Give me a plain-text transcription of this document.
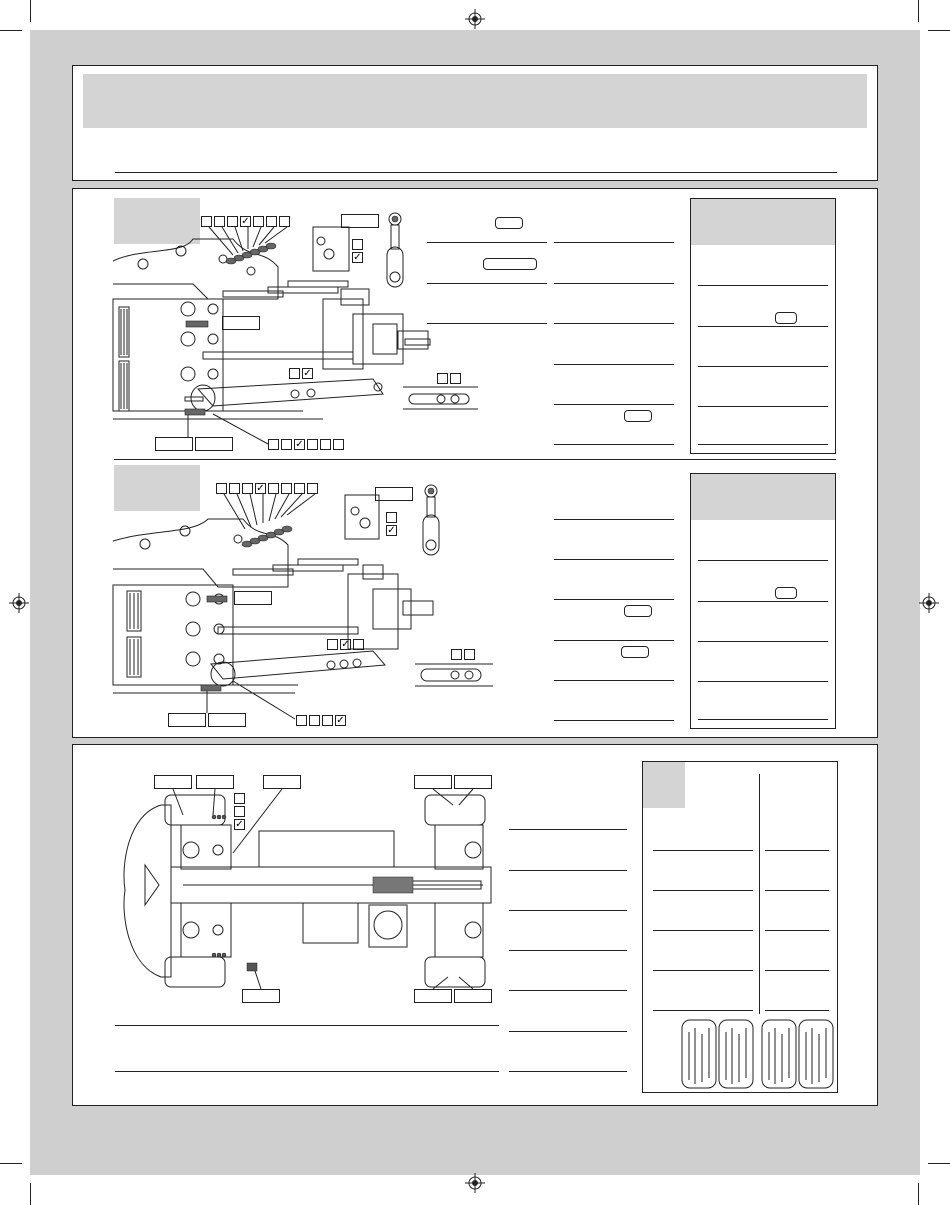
✓
✓
✓
✓
✓
✓
✓
✓
✓
